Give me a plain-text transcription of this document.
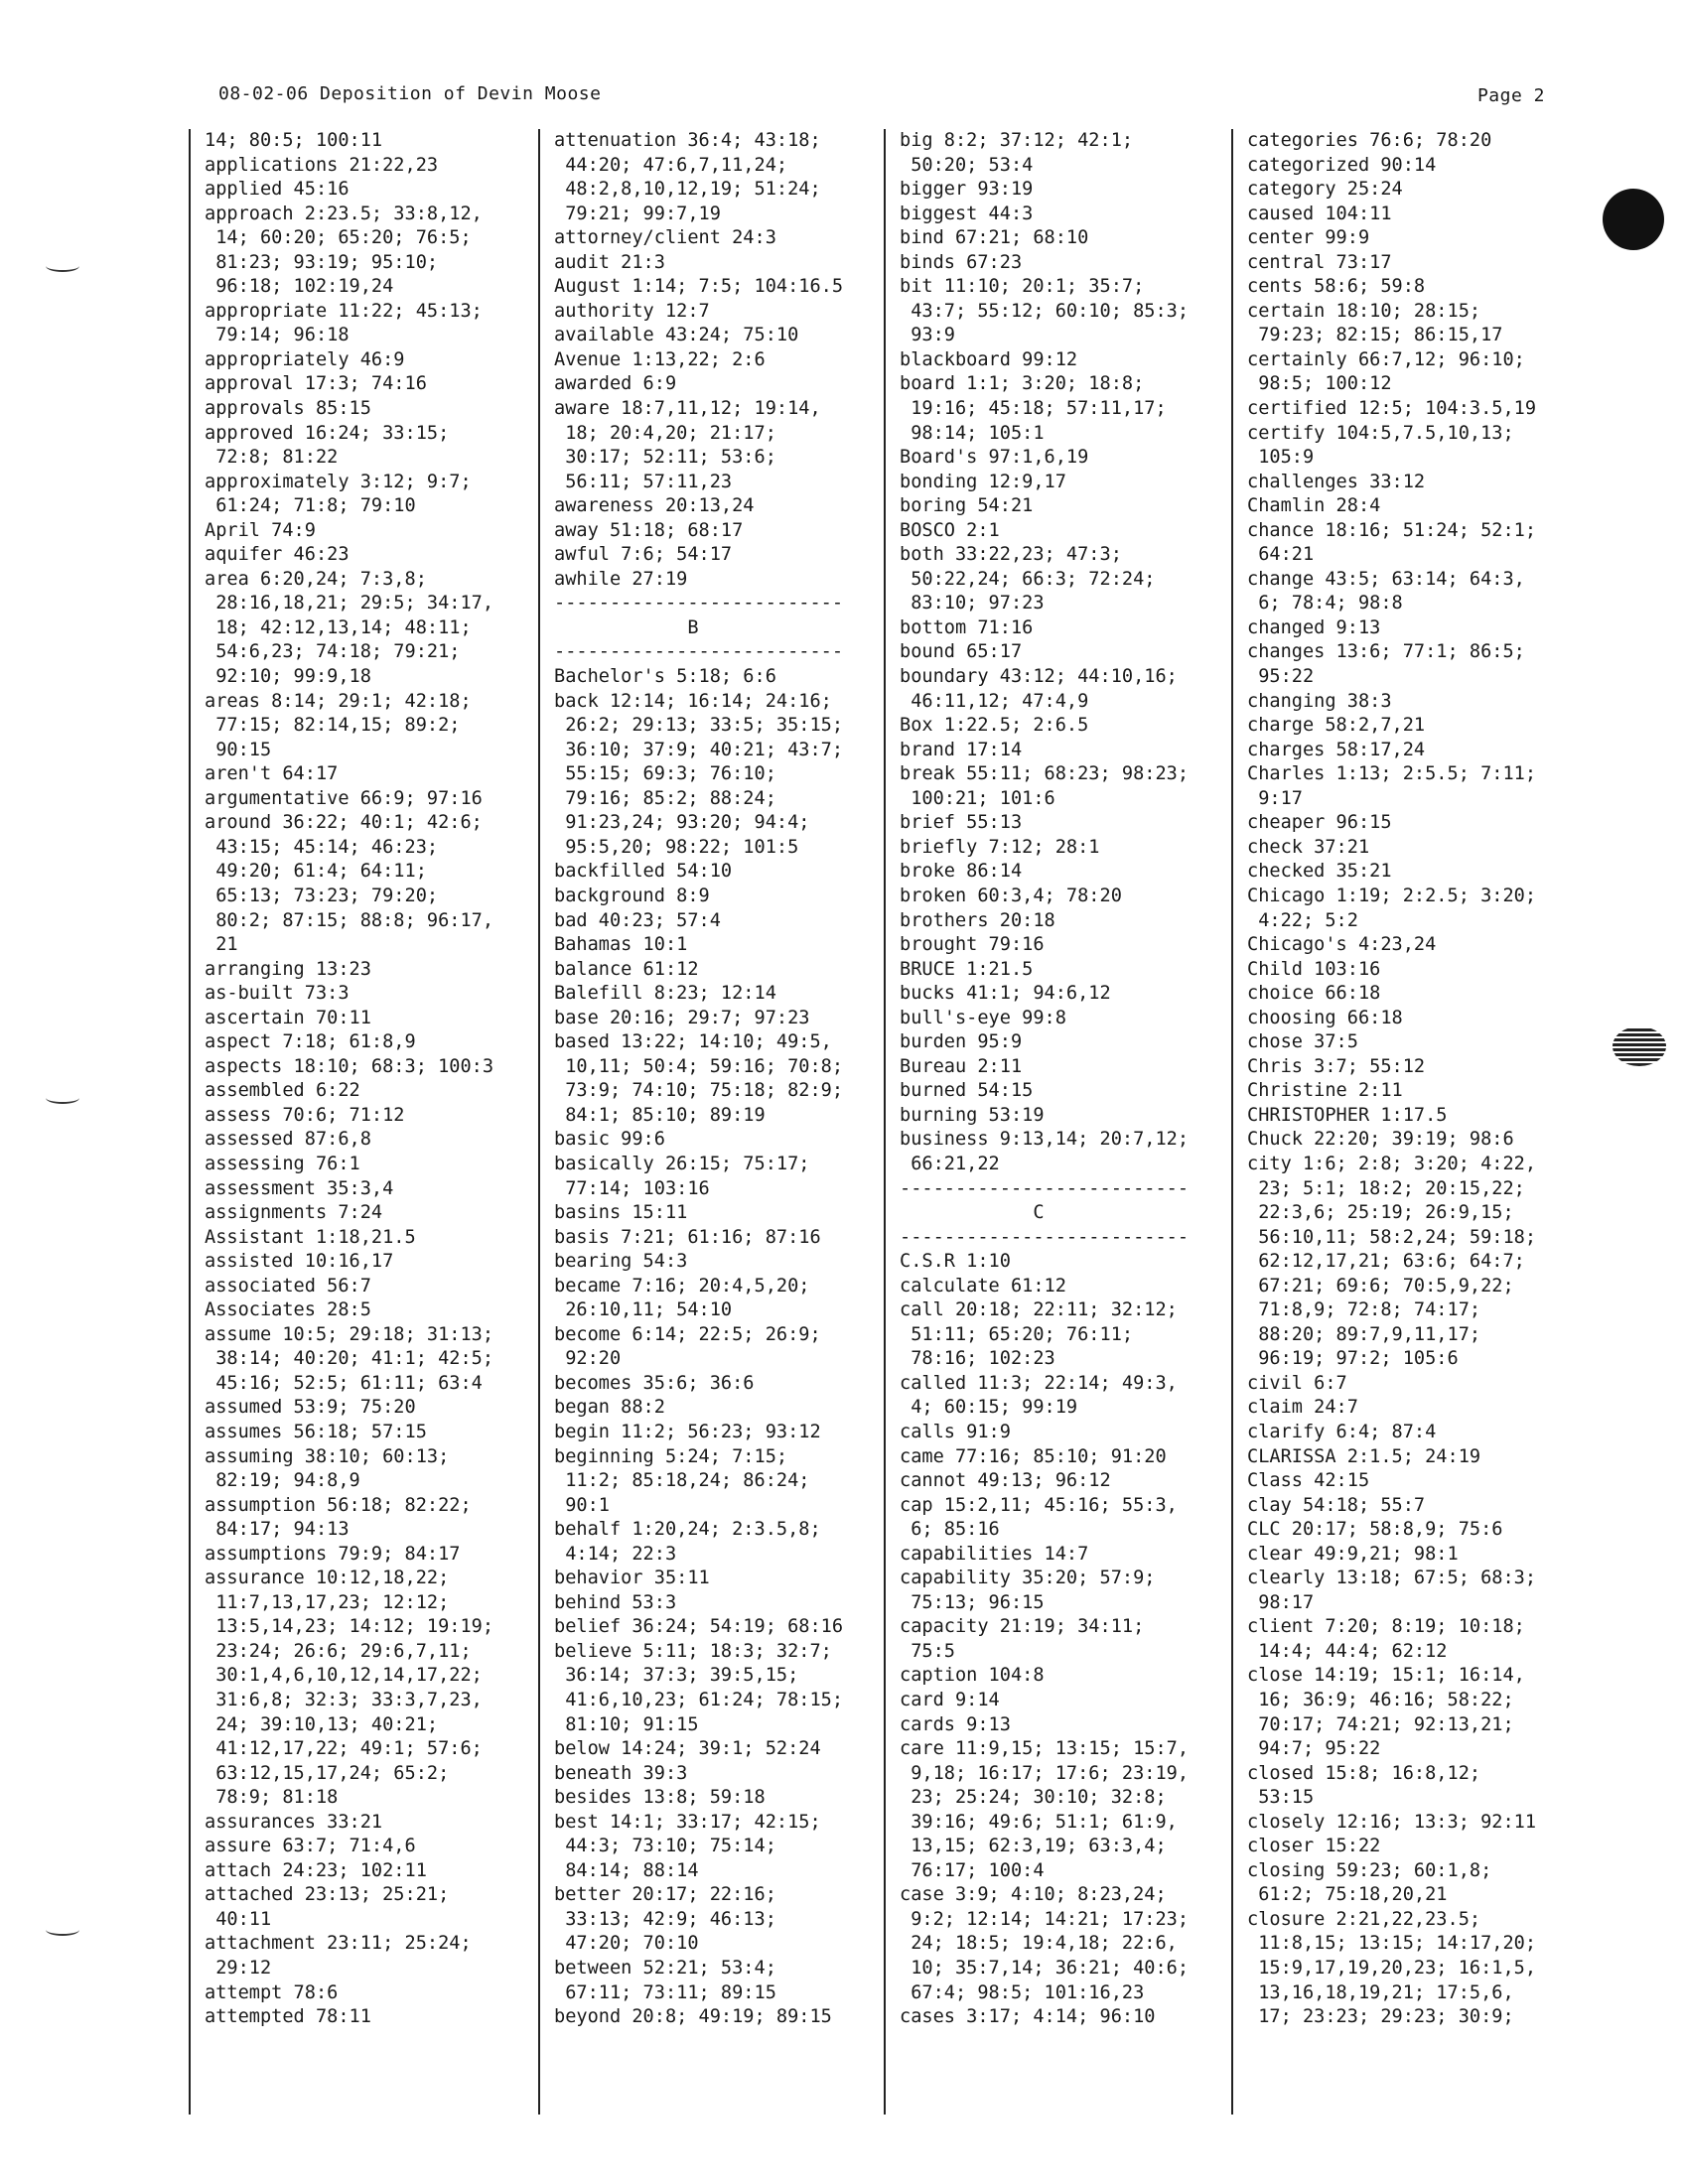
08-02-06 Deposition of Devin Moose	Page 2
14; 80:5; 100:11
applications 21:22,23
applied 45:16
approach 2:23.5; 33:8,12,
14; 60:20; 65:20; 76:5;
81:23; 93:19; 95:10;
96:18; 102:19,24
appropriate 11:22; 45:13;
79:14; 96:18
appropriately 46:9
approval 17:3; 74:16
approvals 85:15
approved 16:24; 33:15;
72:8; 81:22
approximately 3:12; 9:7;
61:24; 71:8; 79:10
April 74:9
aquifer 46:23
area 6:20,24; 7:3,8;
28:16,18,21; 29:5; 34:17,
18; 42:12,13,14; 48:11;
54:6,23; 74:18; 79:21;
92:10; 99:9,18
areas 8:14; 29:1; 42:18;
77:15; 82:14,15; 89:2;
90:15
aren't 64:17
argumentative 66:9; 97:16
around 36:22; 40:1; 42:6;
43:15; 45:14; 46:23;
49:20; 61:4; 64:11;
65:13; 73:23; 79:20;
80:2; 87:15; 88:8; 96:17,
21
arranging 13:23
as-built 73:3
ascertain 70:11
aspect 7:18; 61:8,9
aspects 18:10; 68:3; 100:3
assembled 6:22
assess 70:6; 71:12
assessed 87:6,8
assessing 76:1
assessment 35:3,4
assignments 7:24
Assistant 1:18,21.5
assisted 10:16,17
associated 56:7
Associates 28:5
assume 10:5; 29:18; 31:13;
38:14; 40:20; 41:1; 42:5;
45:16; 52:5; 61:11; 63:4
assumed 53:9; 75:20
assumes 56:18; 57:15
assuming 38:10; 60:13;
82:19; 94:8,9
assumption 56:18; 82:22;
84:17; 94:13
assumptions 79:9; 84:17
assurance 10:12,18,22;
11:7,13,17,23; 12:12;
13:5,14,23; 14:12; 19:19;
23:24; 26:6; 29:6,7,11;
30:1,4,6,10,12,14,17,22;
31:6,8; 32:3; 33:3,7,23,
24; 39:10,13; 40:21;
41:12,17,22; 49:1; 57:6;
63:12,15,17,24; 65:2;
78:9; 81:18
assurances 33:21
assure 63:7; 71:4,6
attach 24:23; 102:11
attached 23:13; 25:21;
40:11
attachment 23:11; 25:24;
29:12
attempt 78:6
attempted 78:11
attenuation 36:4; 43:18;
44:20; 47:6,7,11,24;
48:2,8,10,12,19; 51:24;
79:21; 99:7,19
attorney/client 24:3
audit 21:3
August 1:14; 7:5; 104:16.5
authority 12:7
available 43:24; 75:10
Avenue 1:13,22; 2:6
awarded 6:9
aware 18:7,11,12; 19:14,
18; 20:4,20; 21:17;
30:17; 52:11; 53:6;
56:11; 57:11,23
awareness 20:13,24
away 51:18; 68:17
awful 7:6; 54:17
awhile 27:19
--------------------------
B
--------------------------
Bachelor's 5:18; 6:6
back 12:14; 16:14; 24:16;
26:2; 29:13; 33:5; 35:15;
36:10; 37:9; 40:21; 43:7;
55:15; 69:3; 76:10;
79:16; 85:2; 88:24;
91:23,24; 93:20; 94:4;
95:5,20; 98:22; 101:5
backfilled 54:10
background 8:9
bad 40:23; 57:4
Bahamas 10:1
balance 61:12
Balefill 8:23; 12:14
base 20:16; 29:7; 97:23
based 13:22; 14:10; 49:5,
10,11; 50:4; 59:16; 70:8;
73:9; 74:10; 75:18; 82:9;
84:1; 85:10; 89:19
basic 99:6
basically 26:15; 75:17;
77:14; 103:16
basins 15:11
basis 7:21; 61:16; 87:16
bearing 54:3
became 7:16; 20:4,5,20;
26:10,11; 54:10
become 6:14; 22:5; 26:9;
92:20
becomes 35:6; 36:6
began 88:2
begin 11:2; 56:23; 93:12
beginning 5:24; 7:15;
11:2; 85:18,24; 86:24;
90:1
behalf 1:20,24; 2:3.5,8;
4:14; 22:3
behavior 35:11
behind 53:3
belief 36:24; 54:19; 68:16
believe 5:11; 18:3; 32:7;
36:14; 37:3; 39:5,15;
41:6,10,23; 61:24; 78:15;
81:10; 91:15
below 14:24; 39:1; 52:24
beneath 39:3
besides 13:8; 59:18
best 14:1; 33:17; 42:15;
44:3; 73:10; 75:14;
84:14; 88:14
better 20:17; 22:16;
33:13; 42:9; 46:13;
47:20; 70:10
between 52:21; 53:4;
67:11; 73:11; 89:15
beyond 20:8; 49:19; 89:15
big 8:2; 37:12; 42:1;
50:20; 53:4
bigger 93:19
biggest 44:3
bind 67:21; 68:10
binds 67:23
bit 11:10; 20:1; 35:7;
43:7; 55:12; 60:10; 85:3;
93:9
blackboard 99:12
board 1:1; 3:20; 18:8;
19:16; 45:18; 57:11,17;
98:14; 105:1
Board's 97:1,6,19
bonding 12:9,17
boring 54:21
BOSCO 2:1
both 33:22,23; 47:3;
50:22,24; 66:3; 72:24;
83:10; 97:23
bottom 71:16
bound 65:17
boundary 43:12; 44:10,16;
46:11,12; 47:4,9
Box 1:22.5; 2:6.5
brand 17:14
break 55:11; 68:23; 98:23;
100:21; 101:6
brief 55:13
briefly 7:12; 28:1
broke 86:14
broken 60:3,4; 78:20
brothers 20:18
brought 79:16
BRUCE 1:21.5
bucks 41:1; 94:6,12
bull's-eye 99:8
burden 95:9
Bureau 2:11
burned 54:15
burning 53:19
business 9:13,14; 20:7,12;
66:21,22
--------------------------
C
--------------------------
C.S.R 1:10
calculate 61:12
call 20:18; 22:11; 32:12;
51:11; 65:20; 76:11;
78:16; 102:23
called 11:3; 22:14; 49:3,
4; 60:15; 99:19
calls 91:9
came 77:16; 85:10; 91:20
cannot 49:13; 96:12
cap 15:2,11; 45:16; 55:3,
6; 85:16
capabilities 14:7
capability 35:20; 57:9;
75:13; 96:15
capacity 21:19; 34:11;
75:5
caption 104:8
card 9:14
cards 9:13
care 11:9,15; 13:15; 15:7,
9,18; 16:17; 17:6; 23:19,
23; 25:24; 30:10; 32:8;
39:16; 49:6; 51:1; 61:9,
13,15; 62:3,19; 63:3,4;
76:17; 100:4
case 3:9; 4:10; 8:23,24;
9:2; 12:14; 14:21; 17:23;
24; 18:5; 19:4,18; 22:6,
10; 35:7,14; 36:21; 40:6;
67:4; 98:5; 101:16,23
cases 3:17; 4:14; 96:10
categories 76:6; 78:20
categorized 90:14
category 25:24
caused 104:11
center 99:9
central 73:17
cents 58:6; 59:8
certain 18:10; 28:15;
79:23; 82:15; 86:15,17
certainly 66:7,12; 96:10;
98:5; 100:12
certified 12:5; 104:3.5,19
certify 104:5,7.5,10,13;
105:9
challenges 33:12
Chamlin 28:4
chance 18:16; 51:24; 52:1;
64:21
change 43:5; 63:14; 64:3,
6; 78:4; 98:8
changed 9:13
changes 13:6; 77:1; 86:5;
95:22
changing 38:3
charge 58:2,7,21
charges 58:17,24
Charles 1:13; 2:5.5; 7:11;
9:17
cheaper 96:15
check 37:21
checked 35:21
Chicago 1:19; 2:2.5; 3:20;
4:22; 5:2
Chicago's 4:23,24
Child 103:16
choice 66:18
choosing 66:18
chose 37:5
Chris 3:7; 55:12
Christine 2:11
CHRISTOPHER 1:17.5
Chuck 22:20; 39:19; 98:6
city 1:6; 2:8; 3:20; 4:22,
23; 5:1; 18:2; 20:15,22;
22:3,6; 25:19; 26:9,15;
56:10,11; 58:2,24; 59:18;
62:12,17,21; 63:6; 64:7;
67:21; 69:6; 70:5,9,22;
71:8,9; 72:8; 74:17;
88:20; 89:7,9,11,17;
96:19; 97:2; 105:6
civil 6:7
claim 24:7
clarify 6:4; 87:4
CLARISSA 2:1.5; 24:19
Class 42:15
clay 54:18; 55:7
CLC 20:17; 58:8,9; 75:6
clear 49:9,21; 98:1
clearly 13:18; 67:5; 68:3;
98:17
client 7:20; 8:19; 10:18;
14:4; 44:4; 62:12
close 14:19; 15:1; 16:14,
16; 36:9; 46:16; 58:22;
70:17; 74:21; 92:13,21;
94:7; 95:22
closed 15:8; 16:8,12;
53:15
closely 12:16; 13:3; 92:11
closer 15:22
closing 59:23; 60:1,8;
61:2; 75:18,20,21
closure 2:21,22,23.5;
11:8,15; 13:15; 14:17,20;
15:9,17,19,20,23; 16:1,5,
13,16,18,19,21; 17:5,6,
17; 23:23; 29:23; 30:9;
